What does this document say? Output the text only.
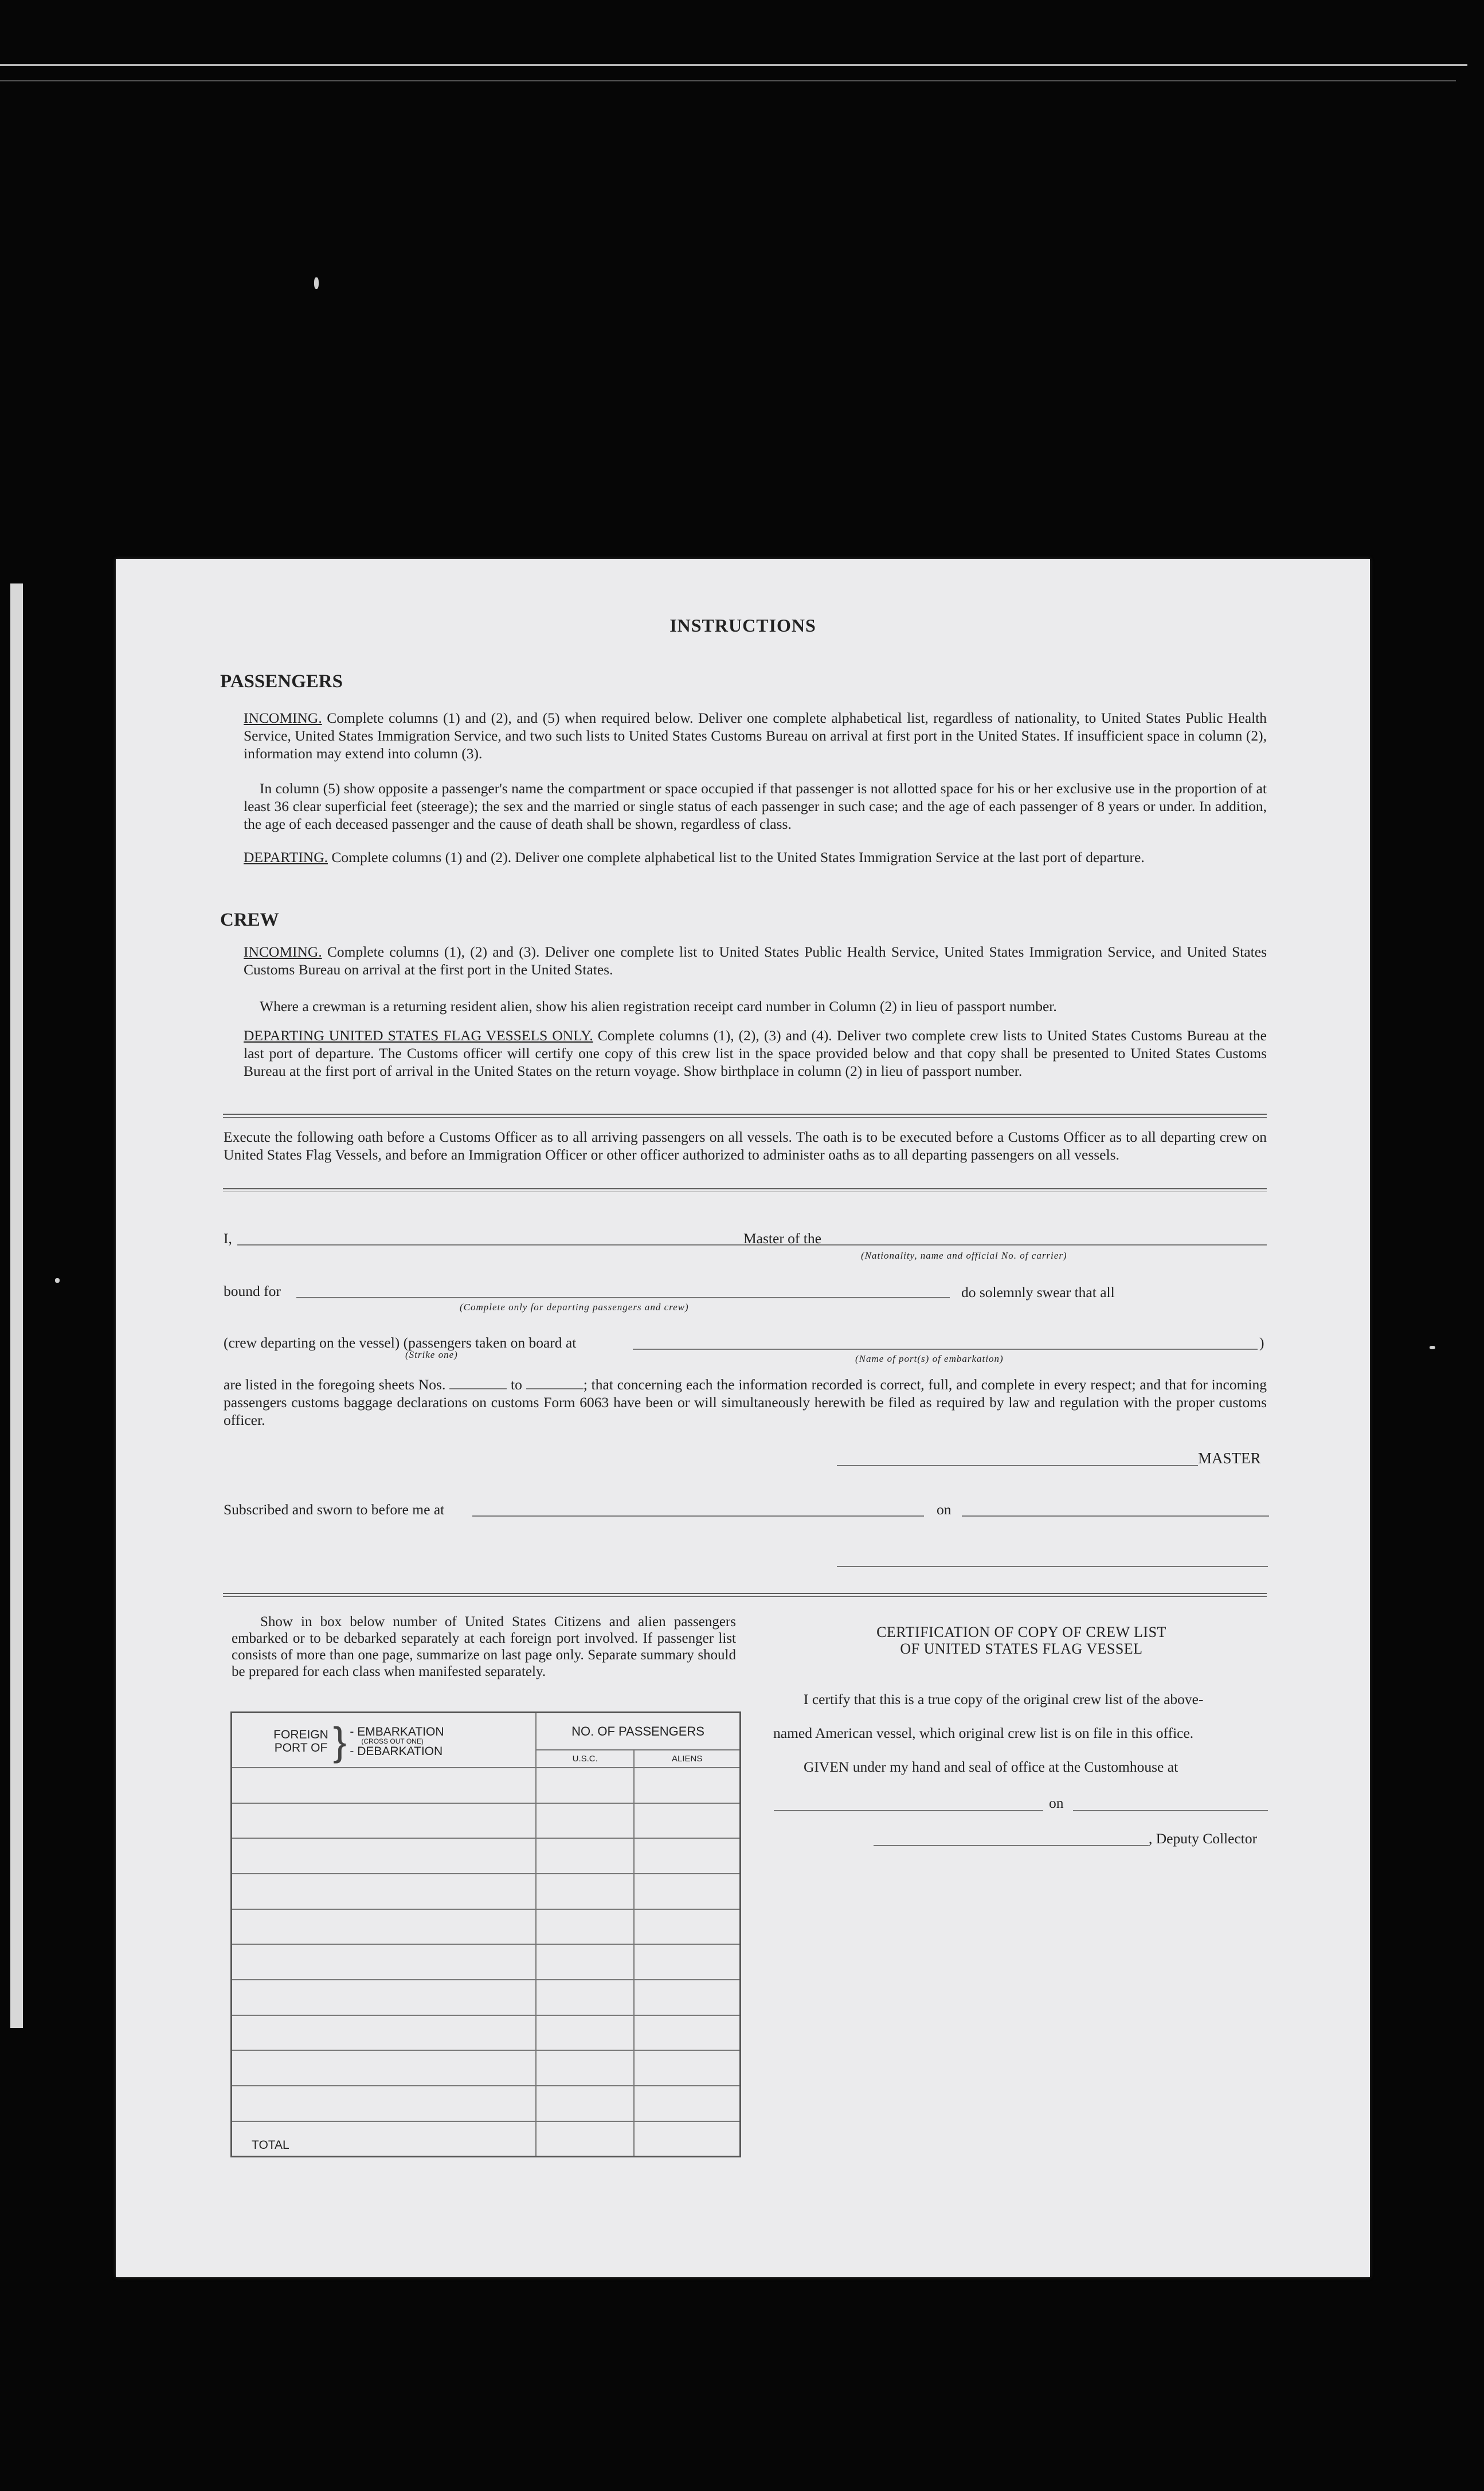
INSTRUCTIONS
PASSENGERS
INCOMING. Complete columns (1) and (2), and (5) when required below. Deliver one complete alphabetical list, regardless of nationality, to United States Public Health Service, United States Immigration Service, and two such lists to United States Customs Bureau on arrival at first port in the United States. If insufficient space in column (2), information may extend into column (3).
In column (5) show opposite a passenger's name the compartment or space occupied if that passenger is not allotted space for his or her exclusive use in the proportion of at least 36 clear superficial feet (steerage); the sex and the married or single status of each passenger in such case; and the age of each passenger of 8 years or under. In addition, the age of each deceased passenger and the cause of death shall be shown, regardless of class.
DEPARTING. Complete columns (1) and (2). Deliver one complete alphabetical list to the United States Immigration Service at the last port of departure.
CREW
INCOMING. Complete columns (1), (2) and (3). Deliver one complete list to United States Public Health Service, United States Immigration Service, and United States Customs Bureau on arrival at the first port in the United States.
Where a crewman is a returning resident alien, show his alien registration receipt card number in Column (2) in lieu of passport number.
DEPARTING UNITED STATES FLAG VESSELS ONLY. Complete columns (1), (2), (3) and (4). Deliver two complete crew lists to United States Customs Bureau at the last port of departure. The Customs officer will certify one copy of this crew list in the space provided below and that copy shall be presented to United States Customs Bureau at the first port of arrival in the United States on the return voyage. Show birthplace in column (2) in lieu of passport number.
Execute the following oath before a Customs Officer as to all arriving passengers on all vessels. The oath is to be executed before a Customs Officer as to all departing crew on United States Flag Vessels, and before an Immigration Officer or other officer authorized to administer oaths as to all departing passengers on all vessels.
I,	Master of the
(Nationality, name and official No. of carrier)
bound for	do solemnly swear that all
(Complete only for departing passengers and crew)
(crew departing on the vessel) (passengers taken on board at
(Strike one)
)
(Name of port(s) of embarkation)
are listed in the foregoing sheets Nos.	to	; that concerning each the information recorded is correct, full, and complete in every respect; and that for incoming passengers customs baggage declarations on customs Form 6063 have been or will simultaneously herewith be filed as required by law and regulation with the proper customs officer.
MASTER
Subscribed and sworn to before me at	on
Show in box below number of United States Citizens and alien passengers embarked or to be debarked separately at each foreign port involved. If passenger list consists of more than one page, summarize on last page only. Separate summary should be prepared for each class when manifested separately.
FOREIGN PORT OF } - EMBARKATION
(CROSS OUT ONE)
- DEBARKATION	NO. OF PASSENGERS	
	U.S.C.	ALIENS

TOTAL		
CERTIFICATION OF COPY OF CREW LIST
OF UNITED STATES FLAG VESSEL
I certify that this is a true copy of the original crew list of the above-
named American vessel, which original crew list is on file in this office.
GIVEN under my hand and seal of office at the Customhouse at
on
, Deputy Collector
